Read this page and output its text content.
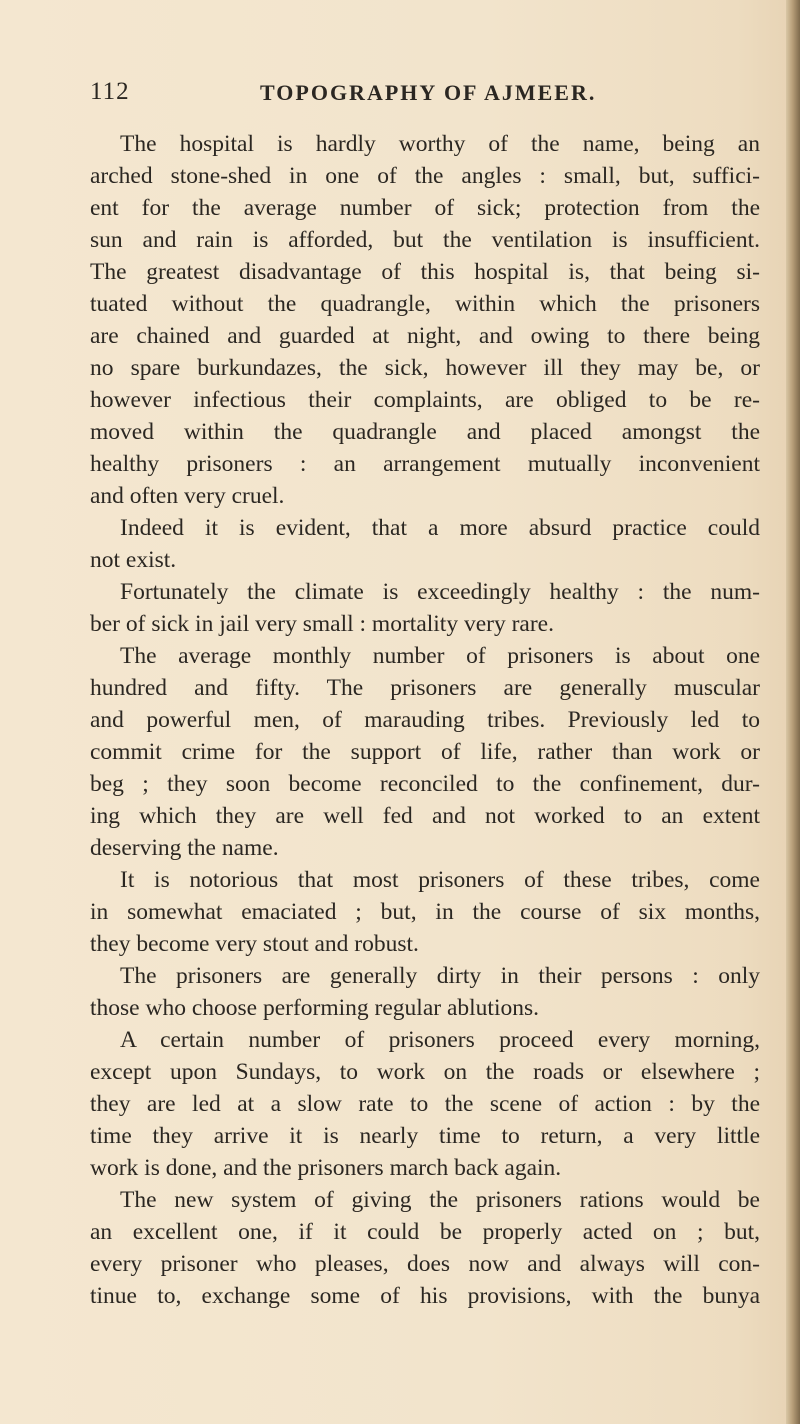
112	TOPOGRAPHY OF AJMEER.
The hospital is hardly worthy of the name, being an
arched stone-shed in one of the angles : small, but, suffici-
ent for the average number of sick; protection from the
sun and rain is afforded, but the ventilation is insufficient.
The greatest disadvantage of this hospital is, that being si-
tuated without the quadrangle, within which the prisoners
are chained and guarded at night, and owing to there being
no spare burkundazes, the sick, however ill they may be, or
however infectious their complaints, are obliged to be re-
moved within the quadrangle and placed amongst the
healthy prisoners : an arrangement mutually inconvenient
and often very cruel.
Indeed it is evident, that a more absurd practice could
not exist.
Fortunately the climate is exceedingly healthy : the num-
ber of sick in jail very small : mortality very rare.
The average monthly number of prisoners is about one
hundred and fifty. The prisoners are generally muscular
and powerful men, of marauding tribes. Previously led to
commit crime for the support of life, rather than work or
beg ; they soon become reconciled to the confinement, dur-
ing which they are well fed and not worked to an extent
deserving the name.
It is notorious that most prisoners of these tribes, come
in somewhat emaciated ; but, in the course of six months,
they become very stout and robust.
The prisoners are generally dirty in their persons : only
those who choose performing regular ablutions.
A certain number of prisoners proceed every morning,
except upon Sundays, to work on the roads or elsewhere ;
they are led at a slow rate to the scene of action : by the
time they arrive it is nearly time to return, a very little
work is done, and the prisoners march back again.
The new system of giving the prisoners rations would be
an excellent one, if it could be properly acted on ; but,
every prisoner who pleases, does now and always will con-
tinue to, exchange some of his provisions, with the bunya
